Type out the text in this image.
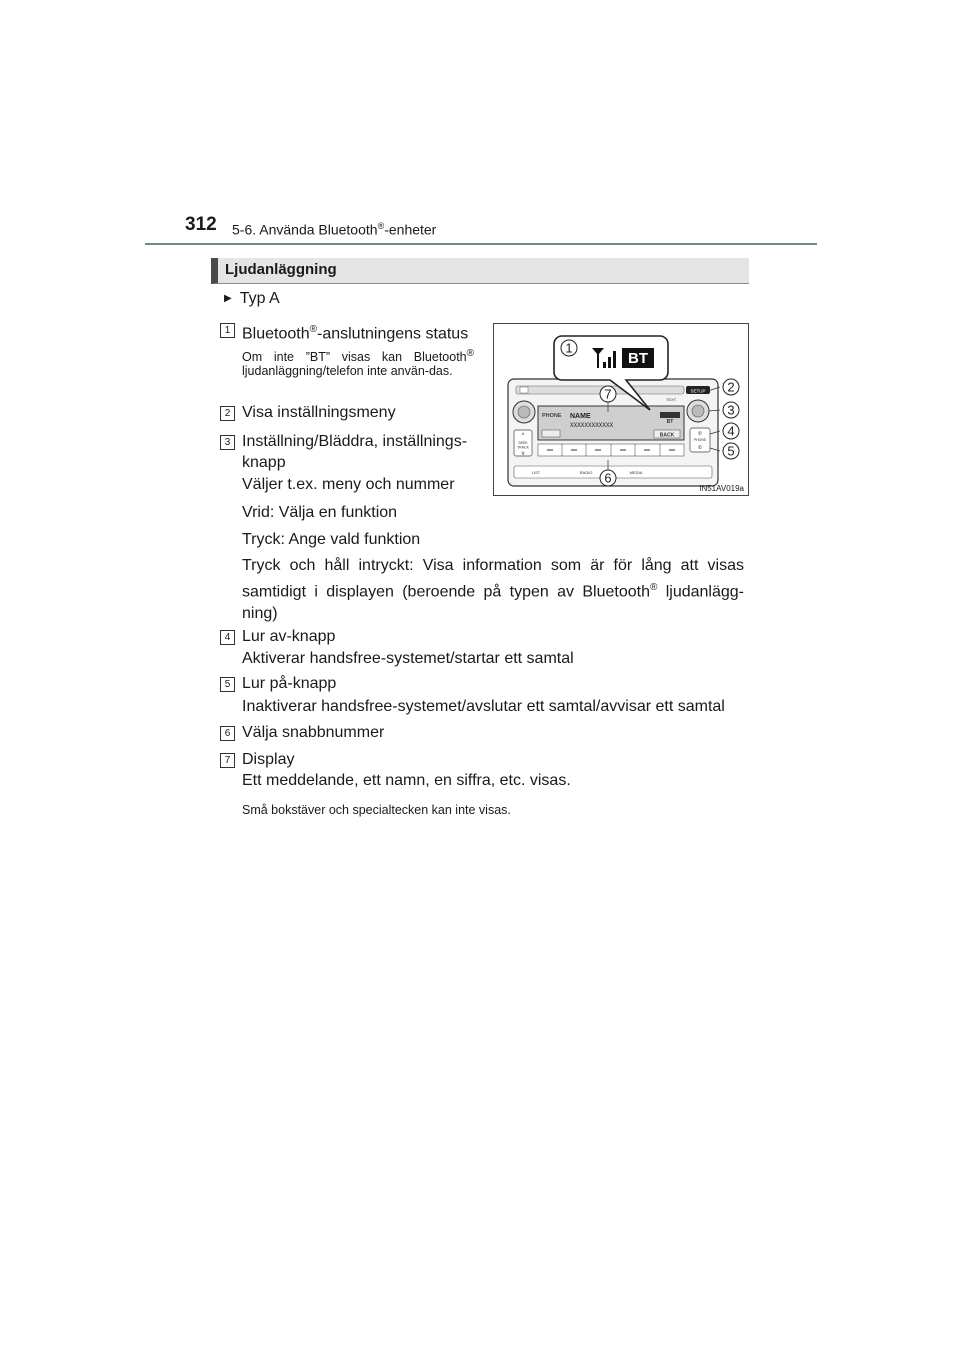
312 5-6. Använda Bluetooth®-enheter
Ljudanläggning
▶ Typ A
1 Bluetooth®-anslutningens status
Om inte ”BT” visas kan Bluetooth® ljudanläggning/telefon inte använ-das.
2 Visa inställningsmeny
3 Inställning/Bläddra, inställnings-
knapp
Väljer t.ex. meny och nummer
Vrid: Välja en funktion
Tryck: Ange vald funktion
Tryck och håll intryckt: Visa information som är för lång att visas samtidigt i displayen (beroende på typen av Bluetooth® ljudanlägg-ning)
4 Lur av-knapp
Aktiverar handsfree-systemet/startar ett samtal
5 Lur på-knapp
Inaktiverar handsfree-systemet/avslutar ett samtal/avvisar ett samtal
6 Välja snabbnummer
7 Display
Ett meddelande, ett namn, en siffra, etc. visas.
Små bokstäver och specialtecken kan inte visas.
SETUP
TEXT
PHONE NAME
XXXXXXXXXXXX	BT
BACK
^
SEEK
TRACK
v
✆
PHONE
✆
LIST	RADIO	MEDIA
BT
1
2
3
4
5
6
7
IN51AV019a
